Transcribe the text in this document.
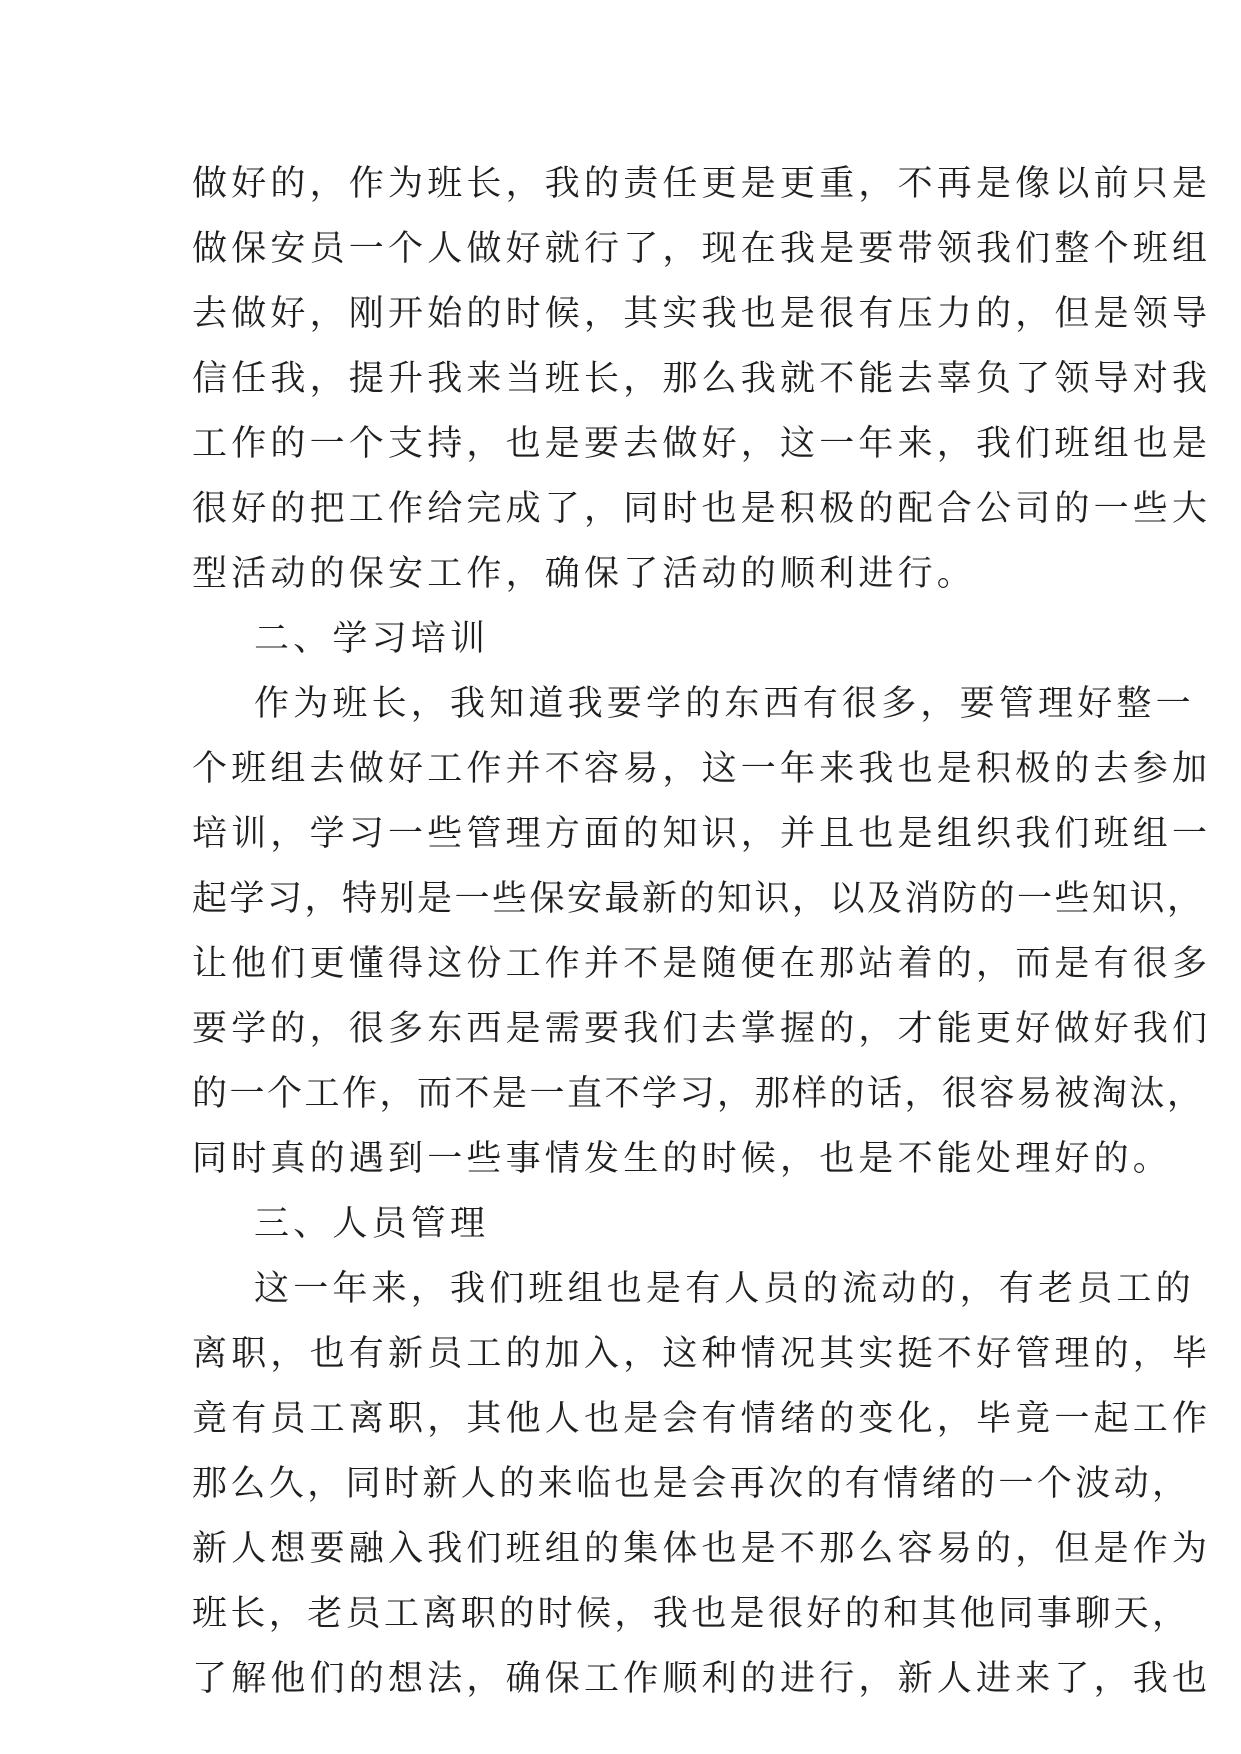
做好的，作为班长，我的责任更是更重，不再是像以前只是
做保安员一个人做好就行了，现在我是要带领我们整个班组
去做好，刚开始的时候，其实我也是很有压力的，但是领导
信任我，提升我来当班长，那么我就不能去辜负了领导对我
工作的一个支持，也是要去做好，这一年来，我们班组也是
很好的把工作给完成了，同时也是积极的配合公司的一些大
型活动的保安工作，确保了活动的顺利进行。
二、学习培训
作为班长，我知道我要学的东西有很多，要管理好整一
个班组去做好工作并不容易，这一年来我也是积极的去参加
培训，学习一些管理方面的知识，并且也是组织我们班组一
起学习，特别是一些保安最新的知识，以及消防的一些知识，
让他们更懂得这份工作并不是随便在那站着的，而是有很多
要学的，很多东西是需要我们去掌握的，才能更好做好我们
的一个工作，而不是一直不学习，那样的话，很容易被淘汰，
同时真的遇到一些事情发生的时候，也是不能处理好的。
三、人员管理
这一年来，我们班组也是有人员的流动的，有老员工的
离职，也有新员工的加入，这种情况其实挺不好管理的，毕
竟有员工离职，其他人也是会有情绪的变化，毕竟一起工作
那么久，同时新人的来临也是会再次的有情绪的一个波动，
新人想要融入我们班组的集体也是不那么容易的，但是作为
班长，老员工离职的时候，我也是很好的和其他同事聊天，
了解他们的想法，确保工作顺利的进行，新人进来了，我也
